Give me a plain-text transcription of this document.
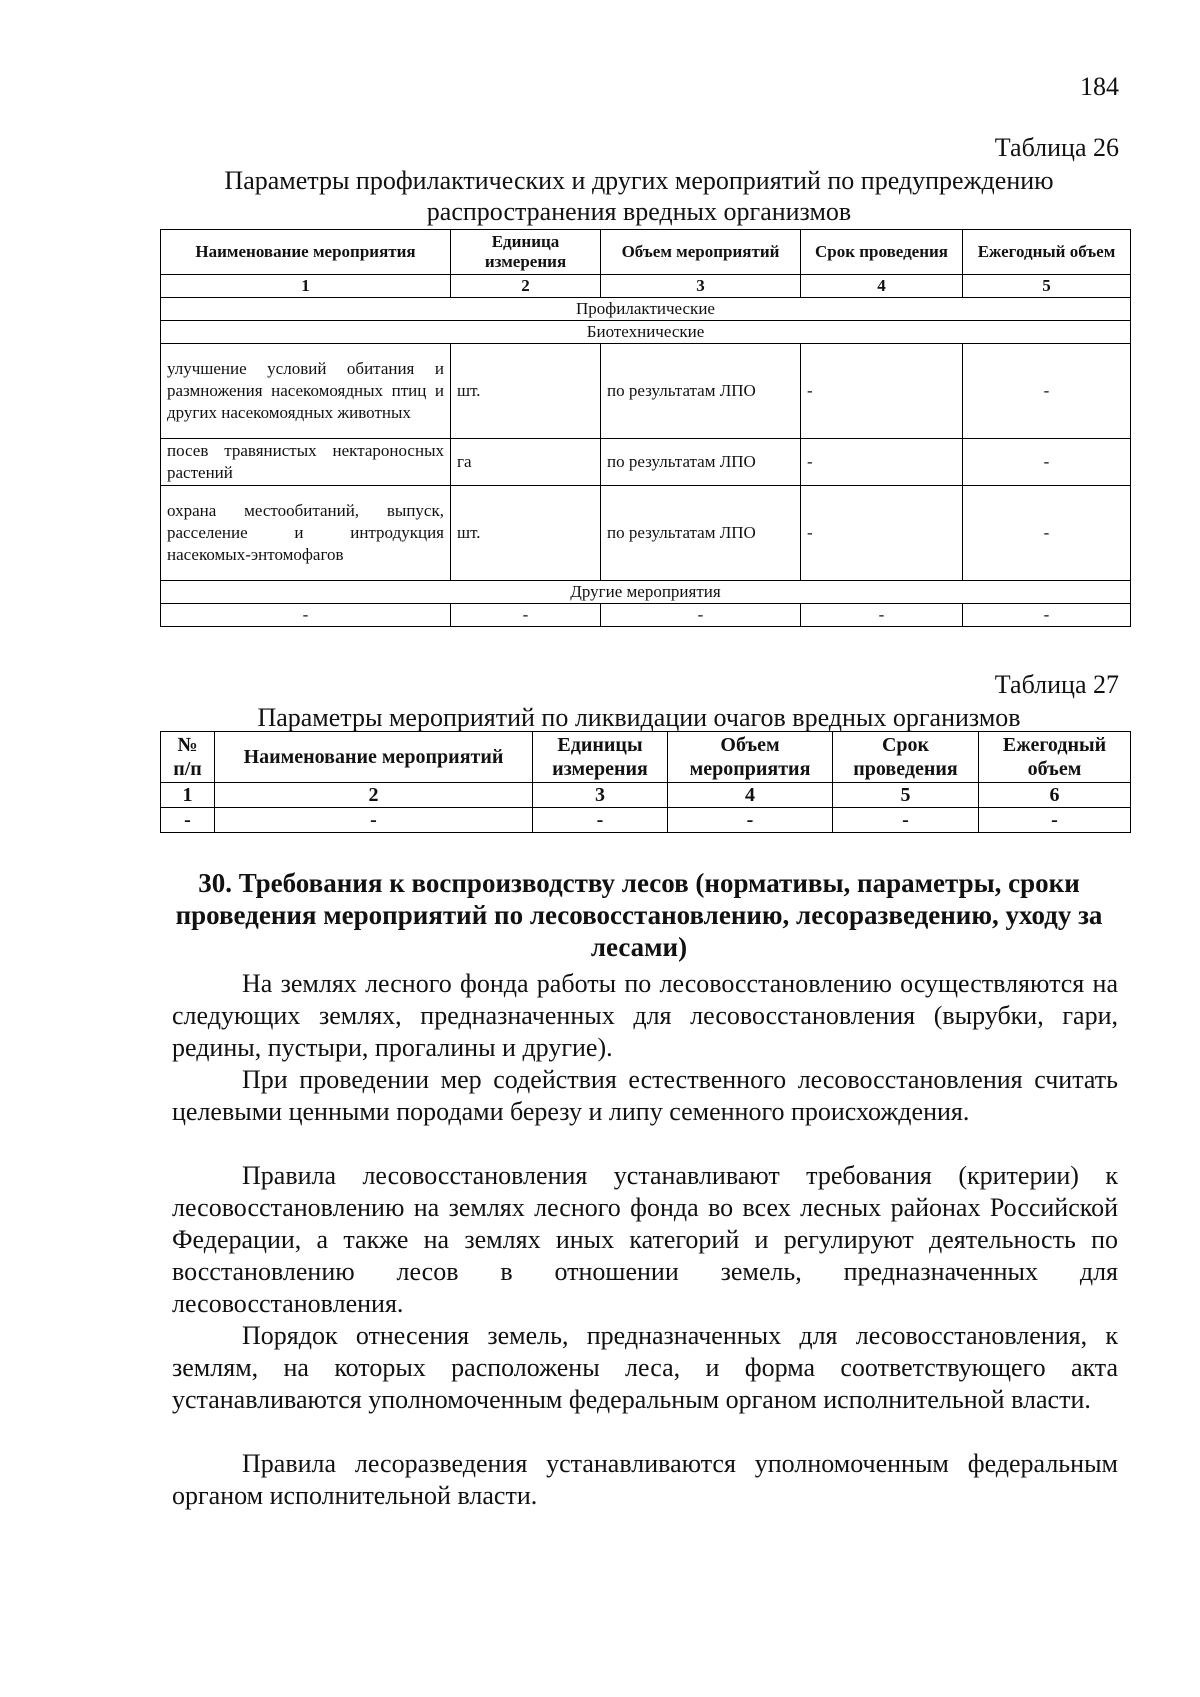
184
Таблица 26
Параметры профилактических и других мероприятий по предупреждению распространения вредных организмов
Наименование мероприятия	Единица измерения	Объем мероприятий	Срок проведения	Ежегодный объем
1	2	3	4	5
Профилактические				
Биотехнические				
улучшение условий обитания и размножения насекомоядных птиц и других насекомоядных животных	шт.	по результатам ЛПО	-	-
посев травянистых нектароносных растений	га	по результатам ЛПО	-	-
охрана местообитаний, выпуск, расселение и интродукция насекомых-энтомофагов	шт.	по результатам ЛПО	-	-
Другие мероприятия				
-	-	-	-	-
Таблица 27
Параметры мероприятий по ликвидации очагов вредных организмов
№ п/п	Наименование мероприятий	Единицы измерения	Объем мероприятия	Срок проведения	Ежегодный объем
1	2	3	4	5	6
-	-	-	-	-	-
30. Требования к воспроизводству лесов (нормативы, параметры, сроки проведения мероприятий по лесовосстановлению, лесоразведению, уходу за лесами)

На землях лесного фонда работы по лесовосстановлению осуществляются на следующих землях, предназначенных для лесовосстановления (вырубки, гари, редины, пустыри, прогалины и другие).

При проведении мер содействия естественного лесовосстановления считать целевыми ценными породами березу и липу семенного происхождения.

Правила лесовосстановления устанавливают требования (критерии) к лесовосстановлению на землях лесного фонда во всех лесных районах Российской Федерации, а также на землях иных категорий и регулируют деятельность по восстановлению лесов в отношении земель, предназначенных для лесовосстановления.

Порядок отнесения земель, предназначенных для лесовосстановления, к землям, на которых расположены леса, и форма соответствующего акта устанавливаются уполномоченным федеральным органом исполнительной власти.

Правила лесоразведения устанавливаются уполномоченным федеральным органом исполнительной власти.
